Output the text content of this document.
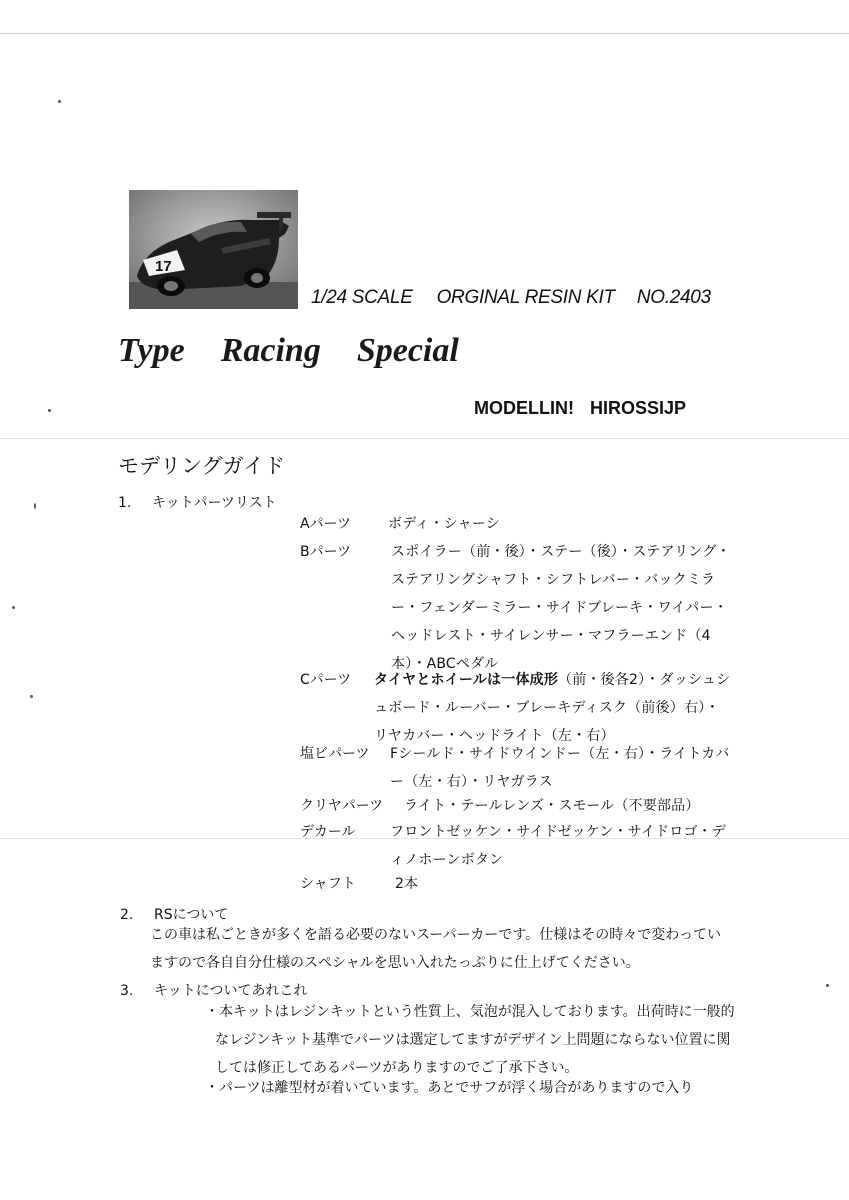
17
1/24 SCALE ORGINAL RESIN KIT NO.2403
Type Racing Special
MODELLIN! HIROSSIJP
モデリングガイド
1. キットパーツリスト
Aパーツ	ボディ・シャーシ
Bパーツ	スポイラー（前・後）・ステー（後）・ステアリング・ステアリングシャフト・シフトレバー・バックミラー・フェンダーミラー・サイドブレーキ・ワイパー・ヘッドレスト・サイレンサー・マフラーエンド（4本）・ABCペダル
Cパーツ タイヤとホイールは一体成形（前・後各2）・ダッシュシュボード・ルーバー・ブレーキディスク（前後）右）・リヤカバー・ヘッドライト（左・右）
塩ビパーツ Fシールド・サイドウインドー（左・右）・ライトカバー（左・右）・リヤガラス
クリヤパーツ ライト・テールレンズ・スモール（不要部品）
デカール フロントゼッケン・サイドゼッケン・サイドロゴ・ディノホーンボタン
シャフト	2本
2. RSについて
この車は私ごときが多くを語る必要のないスーパーカーです。仕様はその時々で変わっていますので各自自分仕様のスペシャルを思い入れたっぷりに仕上げてください。
3. キットについてあれこれ
・本キットはレジンキットという性質上、気泡が混入しております。出荷時に一般的なレジンキット基準でパーツは選定してますがデザイン上問題にならない位置に関しては修正してあるパーツがありますのでご了承下さい。
・パーツは離型材が着いています。あとでサフが浮く場合がありますので入り
